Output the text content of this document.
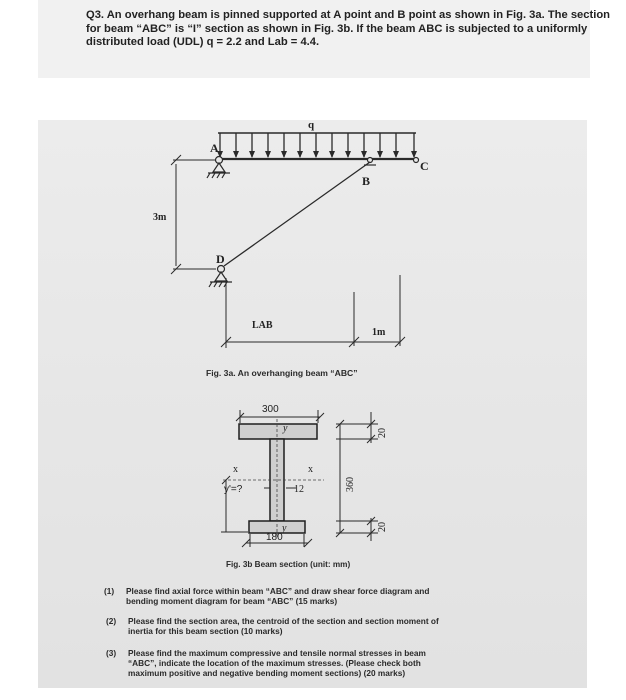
Q3. An overhang beam is pinned supported at A point and B point as shown in Fig. 3a. The section for beam “ABC” is “I” section as shown in Fig. 3b. If the beam ABC is subjected to a uniformly distributed load (UDL) q = 2.2 and Lab = 4.4.

q
A
B
C
D
3m
LAB
1m
Fig. 3a. An overhanging beam “ABC”
300
y
x	x
y'=?	12
y
180
360
20
20
Fig. 3b Beam section (unit: mm)

(1) Please find axial force within beam “ABC” and draw shear force diagram and
bending moment diagram for beam “ABC” (15 marks)

(2) Please find the section area, the centroid of the section and section moment of
inertia for this beam section (10 marks)

(3) Please find the maximum compressive and tensile normal stresses in beam
“ABC”, indicate the location of the maximum stresses. (Please check both
maximum positive and negative bending moment sections) (20 marks)
